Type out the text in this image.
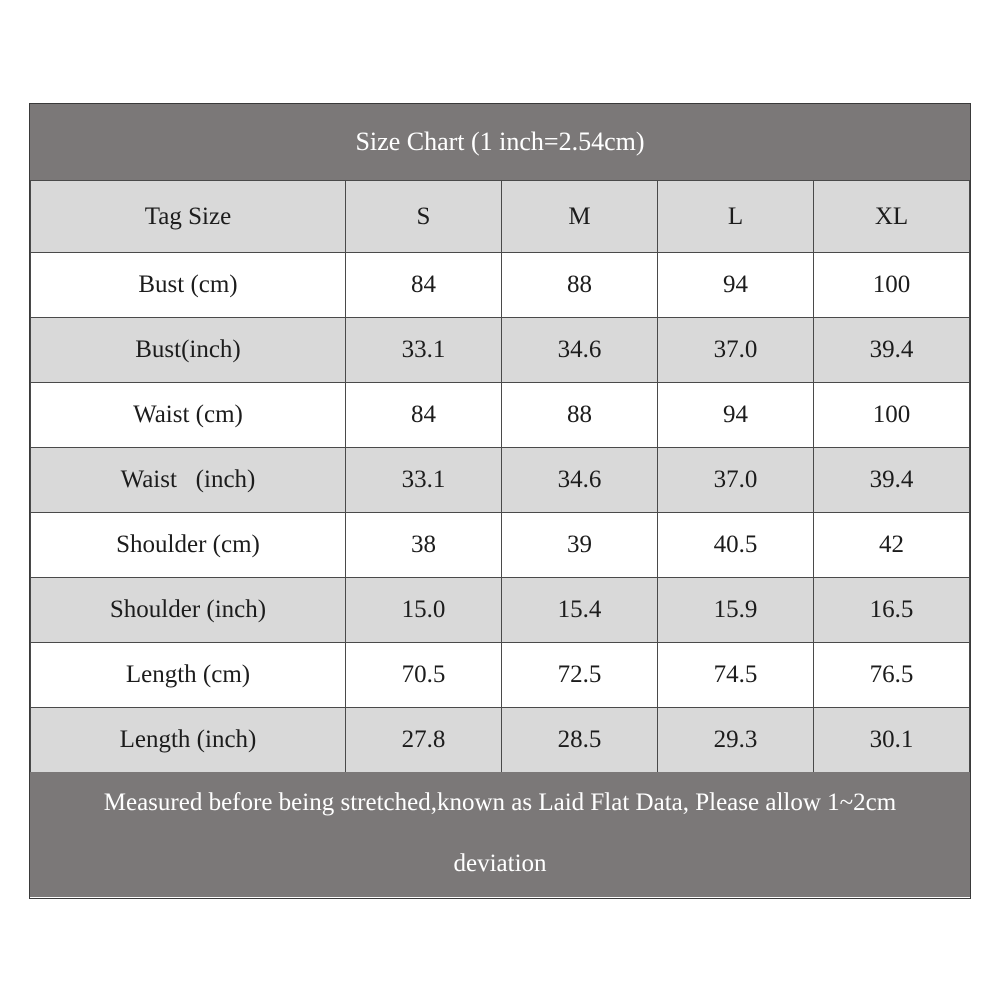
Size Chart (1 inch=2.54cm)
Tag Size	S	M	L	XL
Bust (cm)	84	88	94	100
Bust(inch)	33.1	34.6	37.0	39.4
Waist (cm)	84	88	94	100
Waist   (inch)	33.1	34.6	37.0	39.4
Shoulder (cm)	38	39	40.5	42
Shoulder (inch)	15.0	15.4	15.9	16.5
Length (cm)	70.5	72.5	74.5	76.5
Length (inch)	27.8	28.5	29.3	30.1
Measured before being stretched,known as Laid Flat Data, Please allow 1~2cm
deviation
